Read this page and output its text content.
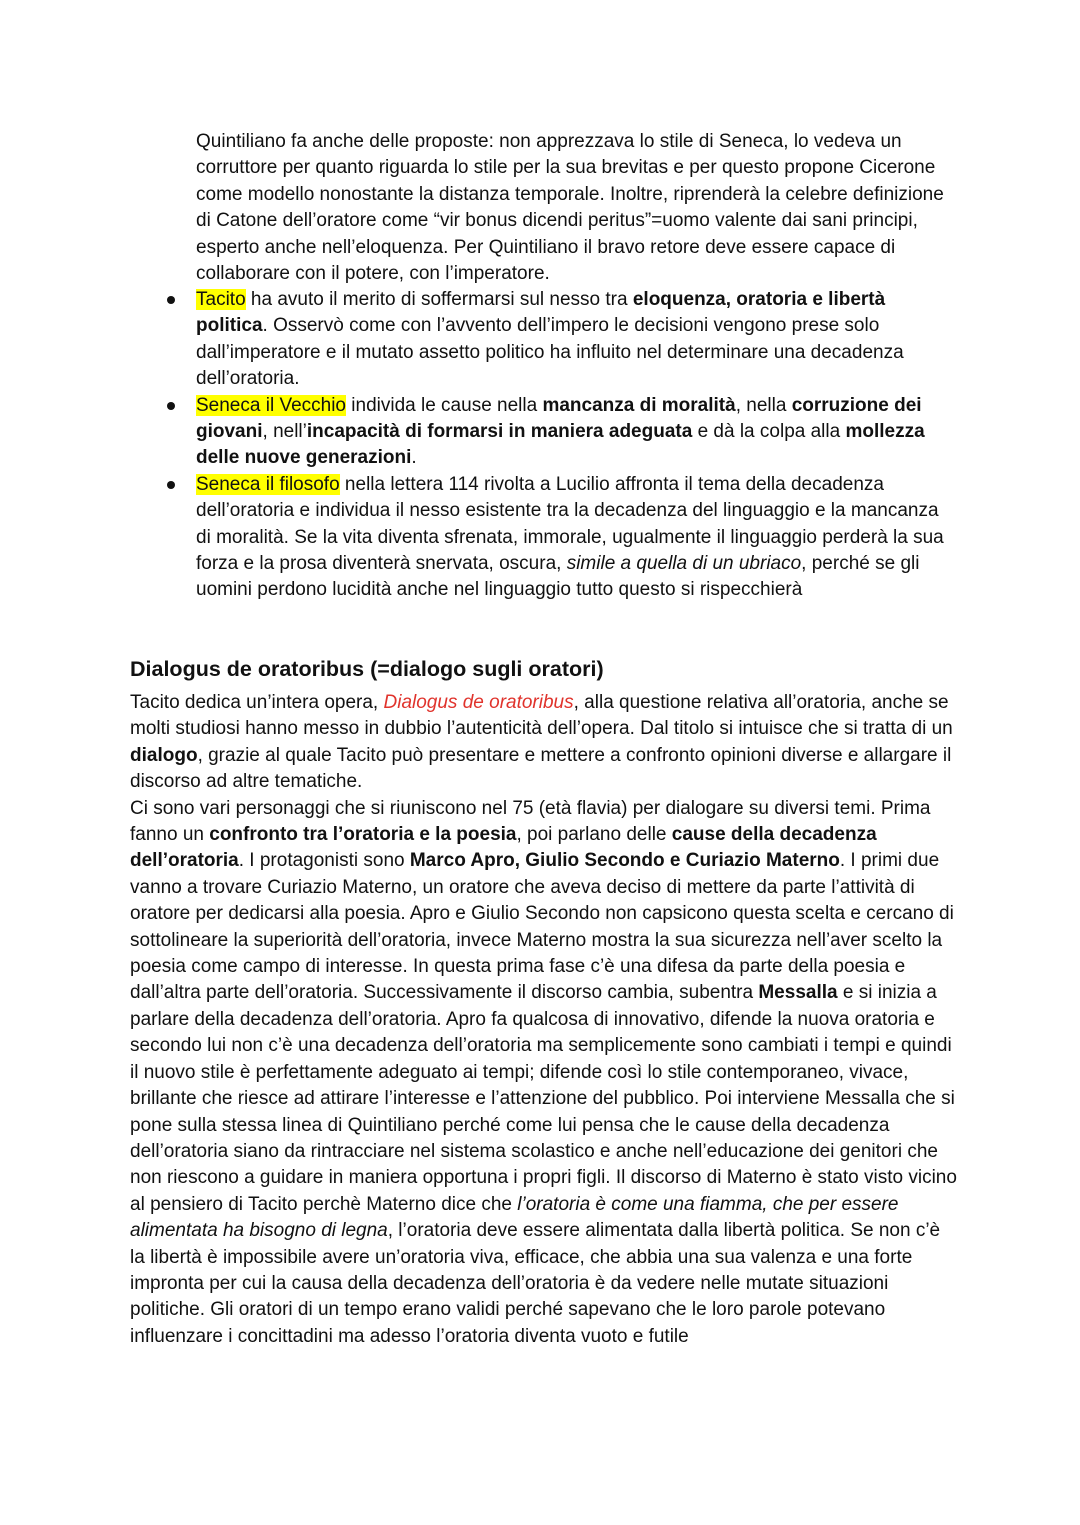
Quintiliano fa anche delle proposte: non apprezzava lo stile di Seneca, lo vedeva un corruttore per quanto riguarda lo stile per la sua brevitas e per questo propone Cicerone come modello nonostante la distanza temporale. Inoltre, riprenderà la celebre definizione di Catone dell’oratore come “vir bonus dicendi peritus”=uomo valente dai sani principi, esperto anche nell’eloquenza. Per Quintiliano il bravo retore deve essere capace di collaborare con il potere, con l’imperatore.

Tacito ha avuto il merito di soffermarsi sul nesso tra eloquenza, oratoria e libertà politica. Osservò come con l’avvento dell’impero le decisioni vengono prese solo dall’imperatore e il mutato assetto politico ha influito nel determinare una decadenza dell’oratoria.
Seneca il Vecchio individa le cause nella mancanza di moralità, nella corruzione dei giovani, nell’incapacità di formarsi in maniera adeguata e dà la colpa alla mollezza delle nuove generazioni.
Seneca il filosofo nella lettera 114 rivolta a Lucilio affronta il tema della decadenza dell’oratoria e individua il nesso esistente tra la decadenza del linguaggio e la mancanza di moralità. Se la vita diventa sfrenata, immorale, ugualmente il linguaggio perderà la sua forza e la prosa diventerà snervata, oscura, simile a quella di un ubriaco, perché se gli uomini perdono lucidità anche nel linguaggio tutto questo si rispecchierà
Dialogus de oratoribus (=dialogo sugli oratori)

Tacito dedica un’intera opera, Dialogus de oratoribus, alla questione relativa all’oratoria, anche se molti studiosi hanno messo in dubbio l’autenticità dell’opera. Dal titolo si intuisce che si tratta di un dialogo, grazie al quale Tacito può presentare e mettere a confronto opinioni diverse e allargare il discorso ad altre tematiche.
Ci sono vari personaggi che si riuniscono nel 75 (età flavia) per dialogare su diversi temi. Prima fanno un confronto tra l’oratoria e la poesia, poi parlano delle cause della decadenza dell’oratoria. I protagonisti sono Marco Apro, Giulio Secondo e Curiazio Materno. I primi due vanno a trovare Curiazio Materno, un oratore che aveva deciso di mettere da parte l’attività di oratore per dedicarsi alla poesia. Apro e Giulio Secondo non capsicono questa scelta e cercano di sottolineare la superiorità dell’oratoria, invece Materno mostra la sua sicurezza nell’aver scelto la poesia come campo di interesse. In questa prima fase c’è una difesa da parte della poesia e dall’altra parte dell’oratoria. Successivamente il discorso cambia, subentra Messalla e si inizia a parlare della decadenza dell’oratoria. Apro fa qualcosa di innovativo, difende la nuova oratoria e secondo lui non c’è una decadenza dell’oratoria ma semplicemente sono cambiati i tempi e quindi il nuovo stile è perfettamente adeguato ai tempi; difende così lo stile contemporaneo, vivace, brillante che riesce ad attirare l’interesse e l’attenzione del pubblico. Poi interviene Messalla che si pone sulla stessa linea di Quintiliano perché come lui pensa che le cause della decadenza dell’oratoria siano da rintracciare nel sistema scolastico e anche nell’educazione dei genitori che non riescono a guidare in maniera opportuna i propri figli. Il discorso di Materno è stato visto vicino al pensiero di Tacito perchè Materno dice che l’oratoria è come una fiamma, che per essere alimentata ha bisogno di legna, l’oratoria deve essere alimentata dalla libertà politica. Se non c’è la libertà è impossibile avere un’oratoria viva, efficace, che abbia una sua valenza e una forte impronta per cui la causa della decadenza dell’oratoria è da vedere nelle mutate situazioni politiche. Gli oratori di un tempo erano validi perché sapevano che le loro parole potevano influenzare i concittadini ma adesso l’oratoria diventa vuoto e futile
